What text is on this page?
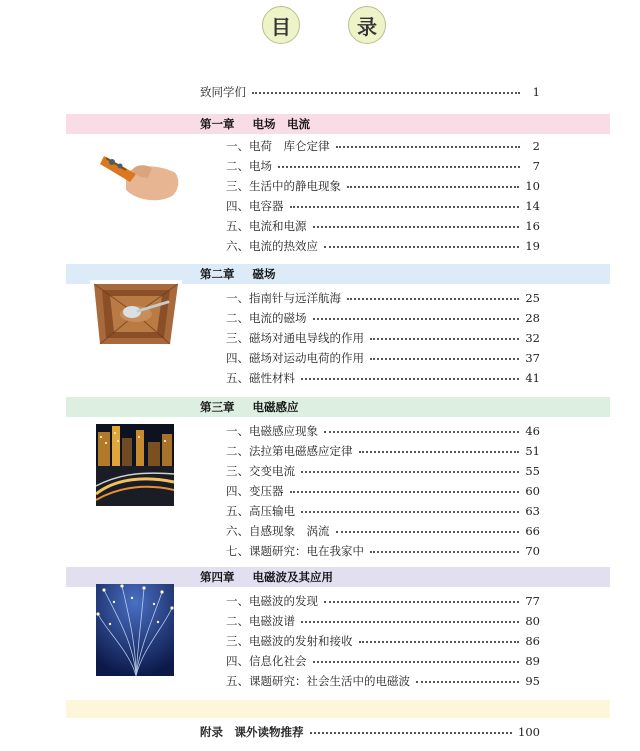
目	录
致同学们	1
第一章 电场　电流
一、电荷　库仑定律	2
二、电场	7
三、生活中的静电现象	10
四、电容器	14
五、电流和电源	16
六、电流的热效应	19
第二章 磁场
一、指南针与远洋航海	25
二、电流的磁场	28
三、磁场对通电导线的作用	32
四、磁场对运动电荷的作用	37
五、磁性材料	41
第三章 电磁感应
一、电磁感应现象	46
二、法拉第电磁感应定律	51
三、交变电流	55
四、变压器	60
五、高压输电	63
六、自感现象　涡流	66
七、课题研究：电在我家中	70
第四章 电磁波及其应用
一、电磁波的发现	77
二、电磁波谱	80
三、电磁波的发射和接收	86
四、信息化社会	89
五、课题研究：社会生活中的电磁波	95
附录　课外读物推荐	100
